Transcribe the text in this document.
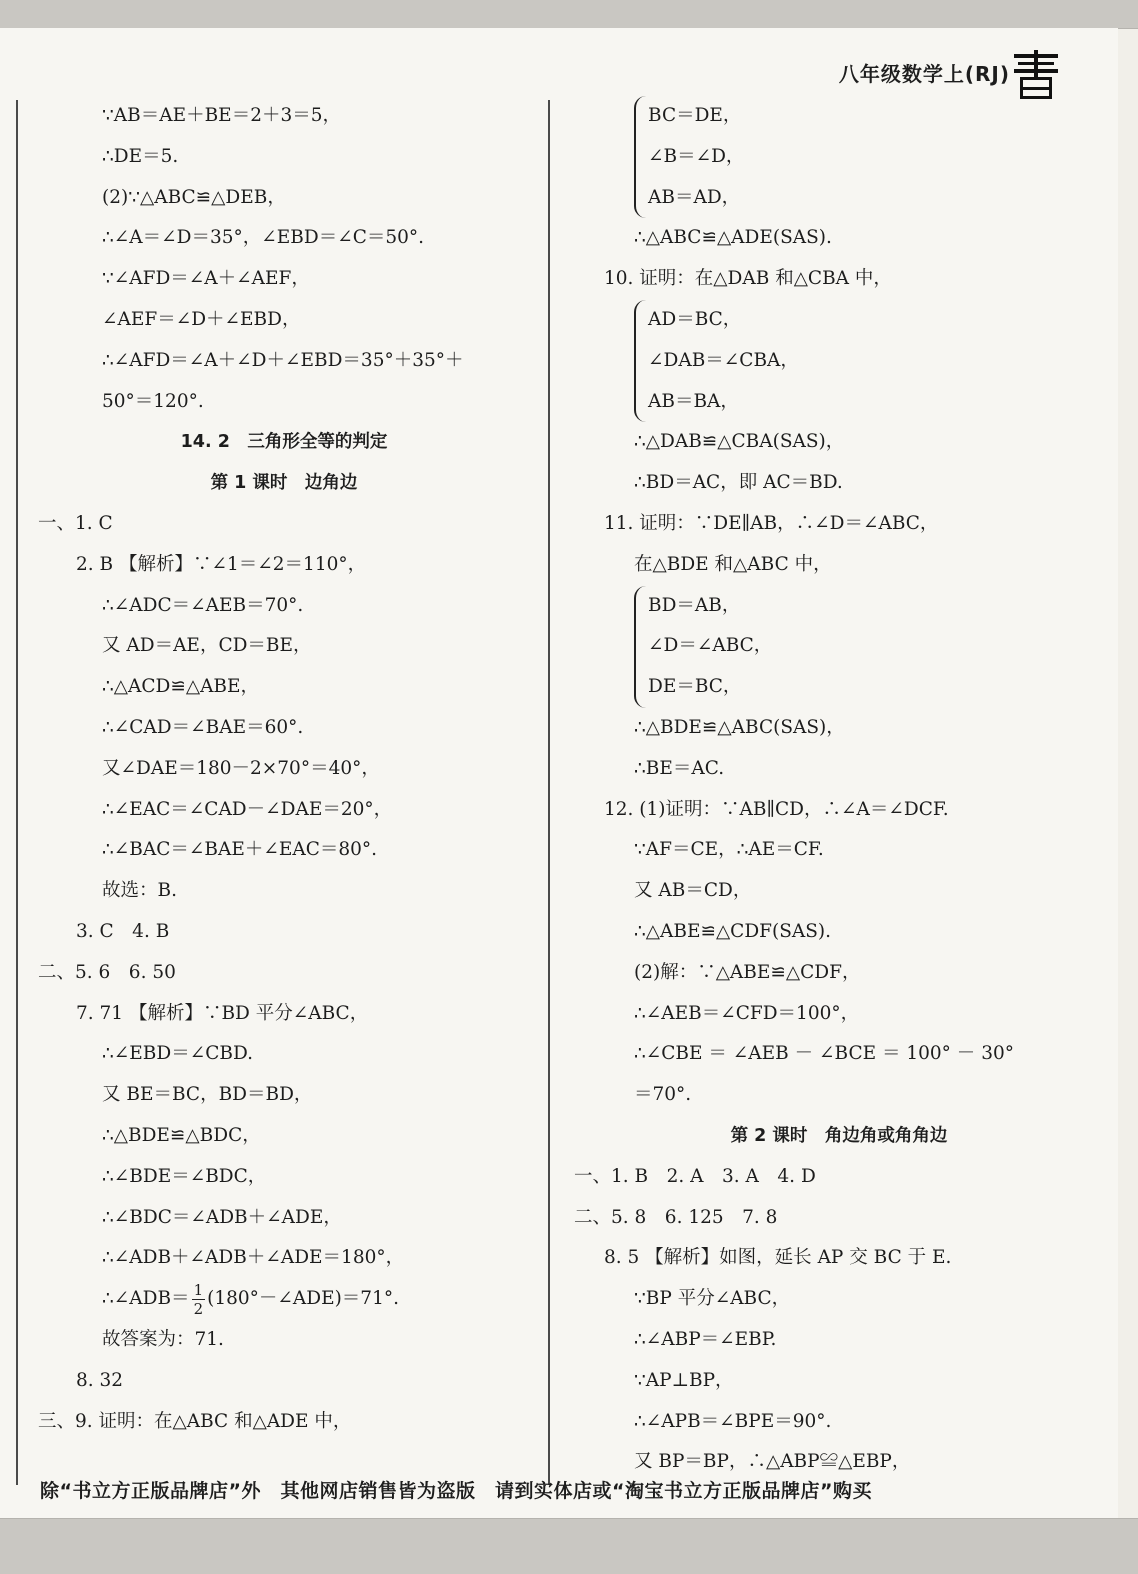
八年级数学上(RJ)
∵AB＝AE＋BE＝2＋3＝5，
∴DE＝5.
(2)∵△ABC≌△DEB，
∴∠A＝∠D＝35°，∠EBD＝∠C＝50°.
∵∠AFD＝∠A＋∠AEF，
∠AEF＝∠D＋∠EBD，
∴∠AFD＝∠A＋∠D＋∠EBD＝35°＋35°＋
50°＝120°.
14. 2　三角形全等的判定
第 1 课时　边角边
一、1. C
2. B 【解析】∵∠1＝∠2＝110°，
∴∠ADC＝∠AEB＝70°.
又 AD＝AE，CD＝BE，
∴△ACD≌△ABE，
∴∠CAD＝∠BAE＝60°.
又∠DAE＝180－2×70°＝40°，
∴∠EAC＝∠CAD－∠DAE＝20°，
∴∠BAC＝∠BAE＋∠EAC＝80°.
故选：B.
3. C　4. B
二、5. 6　6. 50
7. 71 【解析】∵BD 平分∠ABC，
∴∠EBD＝∠CBD.
又 BE＝BC，BD＝BD，
∴△BDE≌△BDC，
∴∠BDE＝∠BDC，
∴∠BDC＝∠ADB＋∠ADE，
∴∠ADB＋∠ADB＋∠ADE＝180°，
∴∠ADB＝ $\frac{1}{2}$ (180°－∠ADE)＝71°.
故答案为：71.
8. 32
三、9. 证明：在△ABC 和△ADE 中，
BC＝DE，
∠B＝∠D，
AB＝AD，
∴△ABC≌△ADE(SAS).
10. 证明：在△DAB 和△CBA 中，
AD＝BC，
∠DAB＝∠CBA，
AB＝BA，
∴△DAB≌△CBA(SAS)，
∴BD＝AC，即 AC＝BD.
11. 证明：∵DE∥AB，∴∠D＝∠ABC，
在△BDE 和△ABC 中，
BD＝AB，
∠D＝∠ABC，
DE＝BC，
∴△BDE≌△ABC(SAS)，
∴BE＝AC.
12. (1)证明：∵AB∥CD，∴∠A＝∠DCF.
∵AF＝CE，∴AE＝CF.
又 AB＝CD，
∴△ABE≌△CDF(SAS).
(2)解：∵△ABE≌△CDF，
∴∠AEB＝∠CFD＝100°，
∴∠CBE ＝ ∠AEB － ∠BCE ＝ 100° － 30°
＝70°.
第 2 课时　角边角或角角边
一、1. B　2. A　3. A　4. D
二、5. 8　6. 125　7. 8
8. 5 【解析】如图，延长 AP 交 BC 于 E.
∵BP 平分∠ABC，
∴∠ABP＝∠EBP.
∵AP⊥BP，
∴∠APB＝∠BPE＝90°.
又 BP＝BP，∴△ABP≌△EBP，
除“书立方正版品牌店”外　其他网店销售皆为盗版　请到实体店或“淘宝书立方正版品牌店”购买
